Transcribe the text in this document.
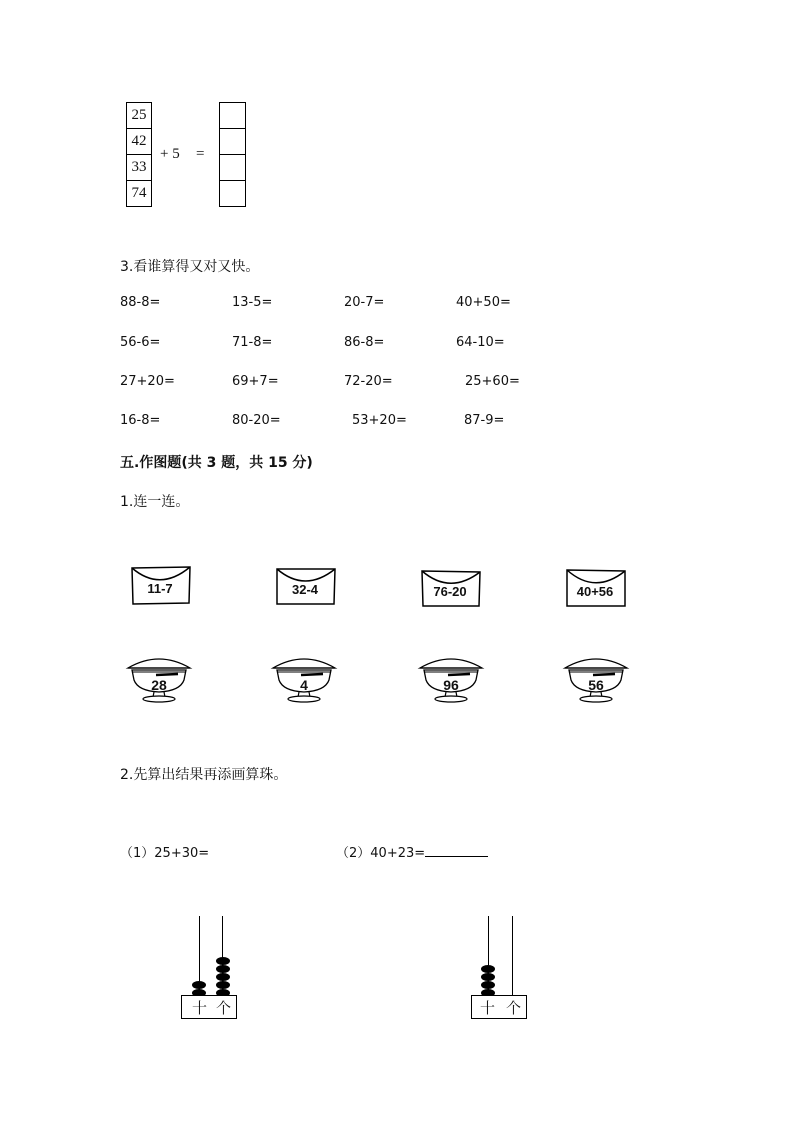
25
42
33
74
+ 5 =
3.看谁算得又对又快。
88-8=	13-5=	20-7=	40+50=
56-6=	71-8=	86-8=	64-10=
27+20=	69+7=	72-20=	25+60=
16-8=	80-20=	53+20=	87-9=
五.作图题(共 3 题，共 15 分)
1.连一连。
11-7	32-4	76-20	40+56
28	4	96	56
2.先算出结果再添画算珠。
（1）25+30=	（2）40+23=
十 个	十 个
